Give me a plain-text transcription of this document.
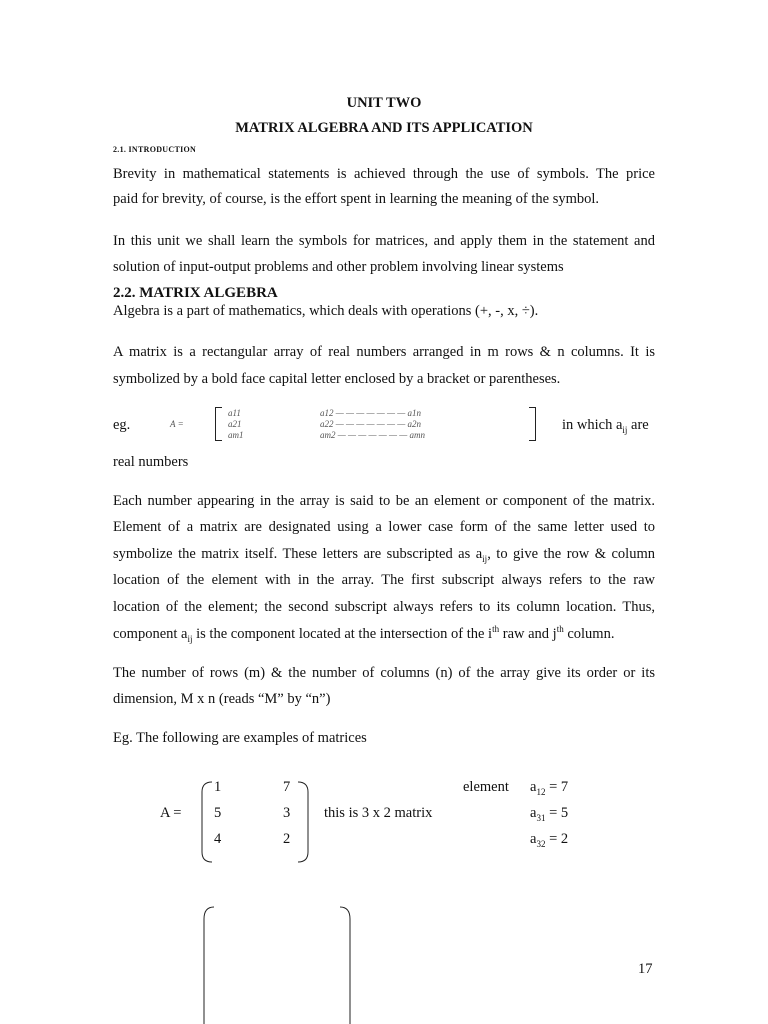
UNIT TWO
MATRIX ALGEBRA AND ITS APPLICATION
2.1. INTRODUCTION
Brevity in mathematical statements is achieved through the use of symbols. The price
paid for brevity, of course, is the effort spent in learning the meaning of the symbol.
In this unit we shall learn the symbols for matrices, and apply them in the statement and
solution of input-output problems and other problem involving linear systems
2.2. MATRIX ALGEBRA
Algebra is a part of mathematics, which deals with operations (+, -, x, ÷).
A matrix is a rectangular array of real numbers arranged in m rows & n columns. It is
symbolized by a bold face capital letter enclosed by a bracket or parentheses.
eg.	A =
a11	a12 — — — — — — — a1n
a21	a22 — — — — — — — a2n
am1	am2 — — — — — — — amn
in which $a_{ij}$ are
real numbers
Each number appearing in the array is said to be an element or component of the matrix.
Element of a matrix are designated using a lower case form of the same letter used to
symbolize the matrix itself. These letters are subscripted as $a_{ij}$, to give the row & column
location of the element with in the array. The first subscript always refers to the raw
location of the element; the second subscript always refers to its column location. Thus,
component $a_{ij}$ is the component located at the intersection of the $i^{th}$ raw and $j^{th}$ column.
The number of rows (m) & the number of columns (n) of the array give its order or its
dimension, M x n (reads “M” by “n”)
Eg. The following are examples of matrices
A =
1	7
5	3
4	2
this is 3 x 2 matrix
element $a_{12} = 7$
$a_{31} = 5$
$a_{32} = 2$
17
